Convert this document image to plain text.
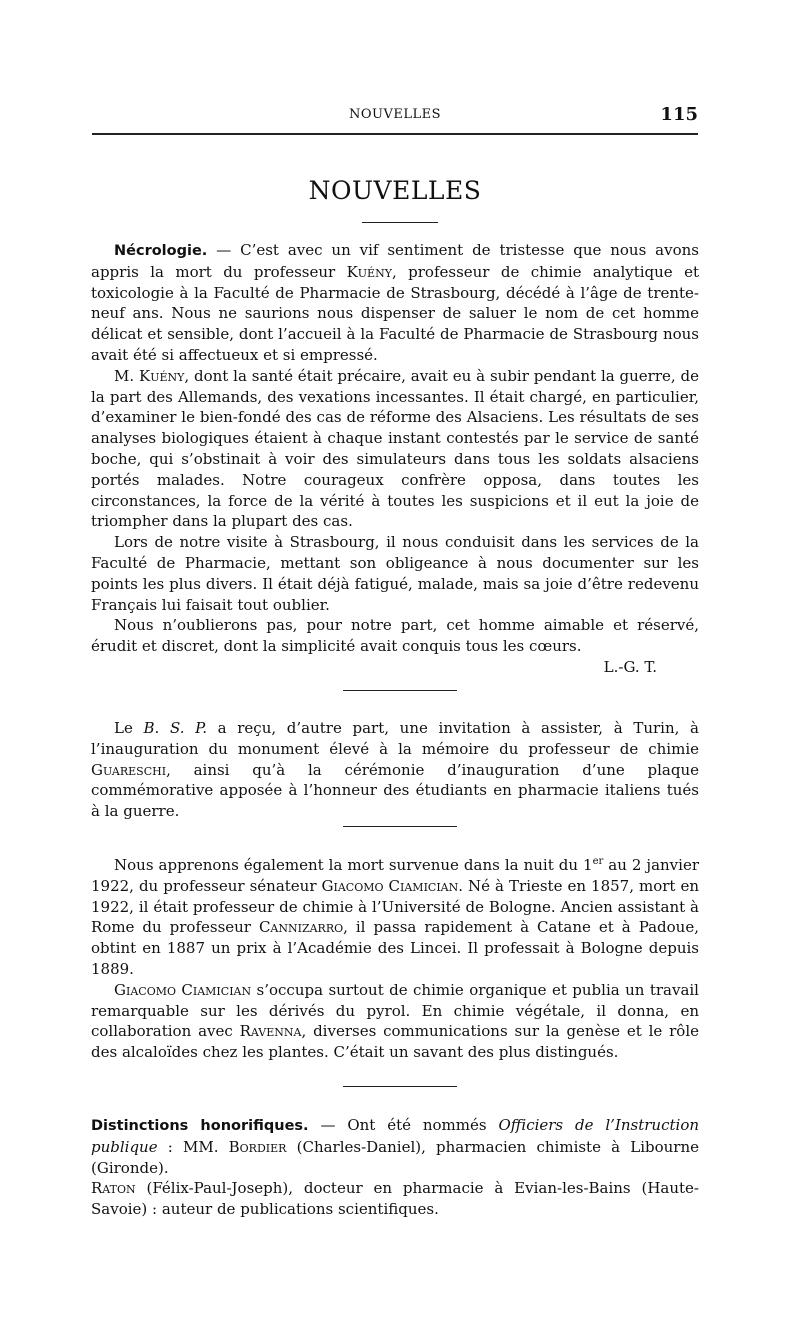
NOUVELLES	115
NOUVELLES

Nécrologie. — C’est avec un vif sentiment de tristesse que nous avons appris la mort du professeur Kuény, professeur de chimie analytique et toxicologie à la Faculté de Pharmacie de Strasbourg, décédé à l’âge de trente-neuf ans. Nous ne saurions nous dispenser de saluer le nom de cet homme délicat et sensible, dont l’accueil à la Faculté de Pharmacie de Strasbourg nous avait été si affectueux et si empressé.

M. Kuény, dont la santé était précaire, avait eu à subir pendant la guerre, de la part des Allemands, des vexations incessantes. Il était chargé, en particulier, d’examiner le bien-fondé des cas de réforme des Alsaciens. Les résultats de ses analyses biologiques étaient à chaque instant contestés par le service de santé boche, qui s’obstinait à voir des simulateurs dans tous les soldats alsaciens portés malades. Notre courageux confrère opposa, dans toutes les circonstances, la force de la vérité à toutes les suspicions et il eut la joie de triompher dans la plupart des cas.

Lors de notre visite à Strasbourg, il nous conduisit dans les services de la Faculté de Pharmacie, mettant son obligeance à nous documenter sur les points les plus divers. Il était déjà fatigué, malade, mais sa joie d’être redevenu Français lui faisait tout oublier.

Nous n’oublierons pas, pour notre part, cet homme aimable et réservé, érudit et discret, dont la simplicité avait conquis tous les cœurs.

L.-G. T.

Le B. S. P. a reçu, d’autre part, une invitation à assister, à Turin, à l’inauguration du monument élevé à la mémoire du professeur de chimie Guareschi, ainsi qu’à la cérémonie d’inauguration d’une plaque commémorative apposée à l’honneur des étudiants en pharmacie italiens tués à la guerre.

Nous apprenons également la mort survenue dans la nuit du 1er au 2 janvier 1922, du professeur sénateur Giacomo Ciamician. Né à Trieste en 1857, mort en 1922, il était professeur de chimie à l’Université de Bologne. Ancien assistant à Rome du professeur Cannizarro, il passa rapidement à Catane et à Padoue, obtint en 1887 un prix à l’Académie des Lincei. Il professait à Bologne depuis 1889.

Giacomo Ciamician s’occupa surtout de chimie organique et publia un travail remarquable sur les dérivés du pyrol. En chimie végétale, il donna, en collaboration avec Ravenna, diverses communications sur la genèse et le rôle des alcaloïdes chez les plantes. C’était un savant des plus distingués.

Distinctions honorifiques. — Ont été nommés Officiers de l’Instruction publique : MM. Bordier (Charles-Daniel), pharmacien chimiste à Libourne (Gironde).

Raton (Félix-Paul-Joseph), docteur en pharmacie à Evian-les-Bains (Haute-Savoie) : auteur de publications scientifiques.
